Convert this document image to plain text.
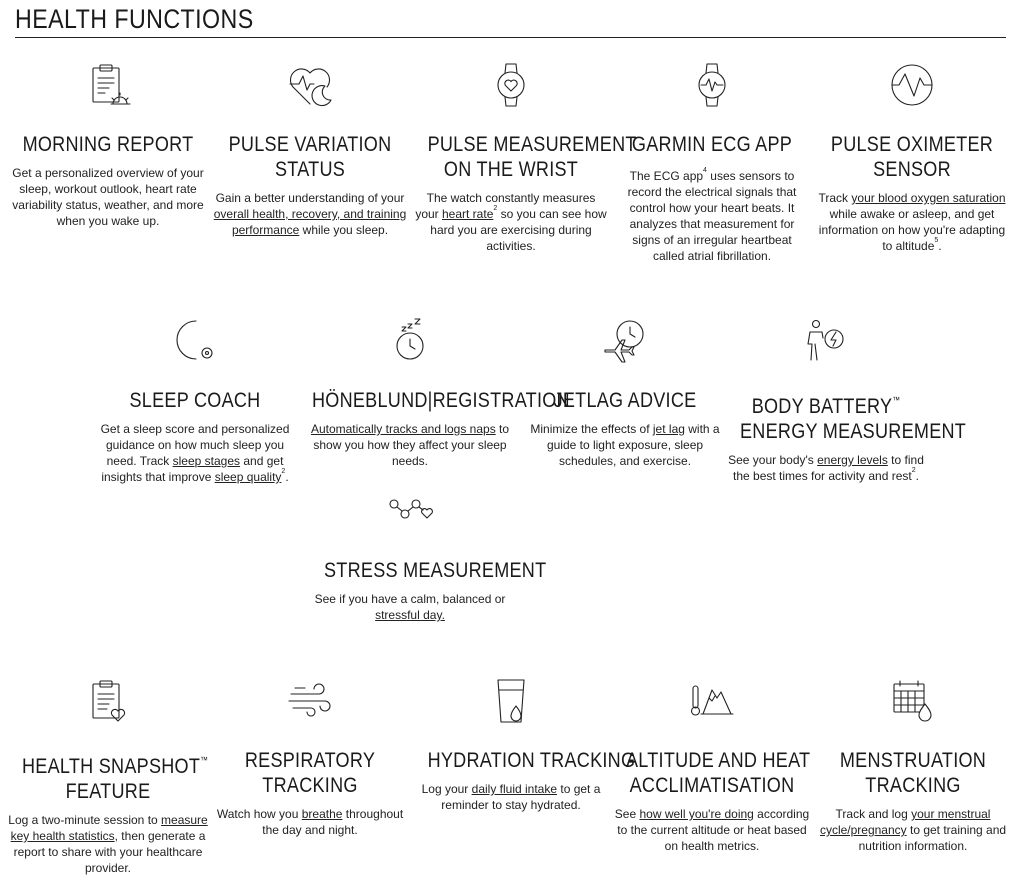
HEALTH FUNCTIONS
MORNING REPORT

Get a personalized overview of your sleep, workout outlook, heart rate variability status, weather, and more when you wake up.

PULSE VARIATION
STATUS

Gain a better understanding of your overall health, recovery, and training performance while you sleep.

PULSE MEASUREMENT
ON THE WRIST

The watch constantly measures your heart rate$^2$ so you can see how hard you are exercising during activities.

GARMIN ECG APP

The ECG app$^4$ uses sensors to record the electrical signals that control how your heart beats. It analyzes that measurement for signs of an irregular heartbeat called atrial fibrillation.

PULSE OXIMETER
SENSOR

Track your blood oxygen saturation while awake or asleep, and get information on how you're adapting to altitude$^5$.

SLEEP COACH

Get a sleep score and personalized guidance on how much sleep you need. Track sleep stages and get insights that improve sleep quality$^2$.

HÖNEBLUND|REGISTRATION

Automatically tracks and logs naps to show you how they affect your sleep needs.

JETLAG ADVICE

Minimize the effects of jet lag with a guide to light exposure, sleep schedules, and exercise.

BODY BATTERY™
ENERGY MEASUREMENT

See your body's energy levels to find the best times for activity and rest$^2$.

STRESS MEASUREMENT

See if you have a calm, balanced or stressful day.

HEALTH SNAPSHOT™
FEATURE

Log a two-minute session to measure key health statistics, then generate a report to share with your healthcare provider.

RESPIRATORY
TRACKING

Watch how you breathe throughout the day and night.

HYDRATION TRACKING

Log your daily fluid intake to get a reminder to stay hydrated.

ALTITUDE AND HEAT
ACCLIMATISATION

See how well you're doing according to the current altitude or heat based on health metrics.

MENSTRUATION
TRACKING

Track and log your menstrual cycle/pregnancy to get training and nutrition information.
